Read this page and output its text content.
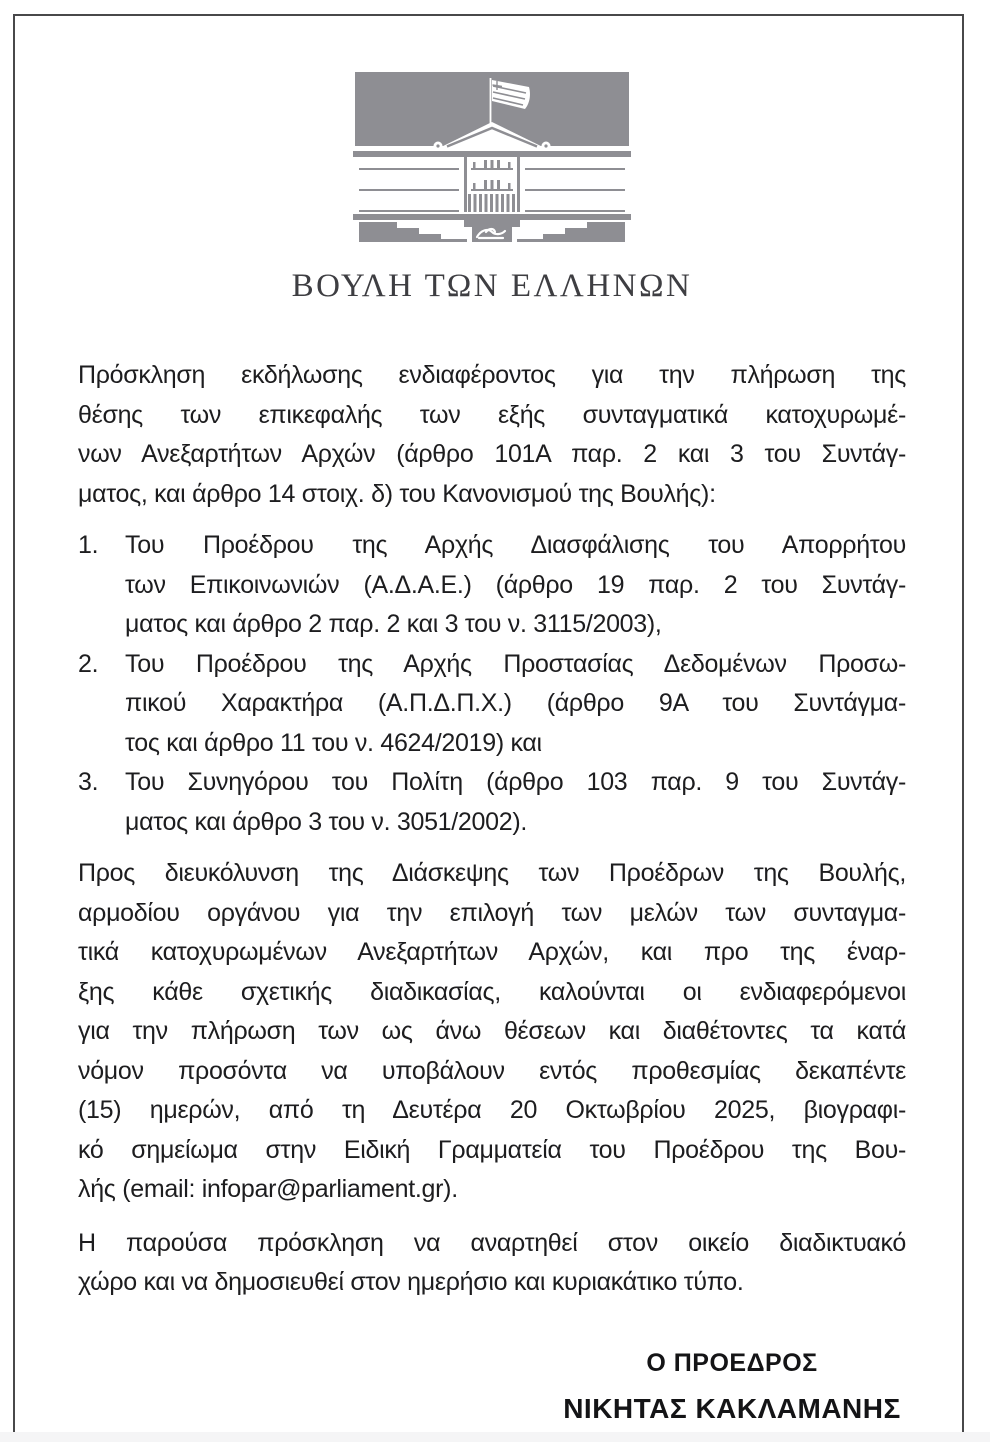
ΒΟΥΛΗ ΤΩΝ ΕΛΛΗΝΩΝ
Πρόσκληση εκδήλωσης ενδιαφέροντος για την πλήρωση της
θέσης των επικεφαλής των εξής συνταγματικά κατοχυρωμέ-
νων Ανεξαρτήτων Αρχών (άρθρο 101Α παρ. 2 και 3 του Συντάγ-
ματος, και άρθρο 14 στοιχ. δ) του Κανονισμού της Βουλής):
1.	Του Προέδρου της Αρχής Διασφάλισης του Απορρήτου
των Επικοινωνιών (Α.Δ.Α.Ε.) (άρθρο 19 παρ. 2 του Συντάγ-
ματος και άρθρο 2 παρ. 2 και 3 του ν. 3115/2003),
2.	Του Προέδρου της Αρχής Προστασίας Δεδομένων Προσω-
πικού Χαρακτήρα (Α.Π.Δ.Π.Χ.) (άρθρο 9Α του Συντάγμα-
τος και άρθρο 11 του ν. 4624/2019) και
3.	Του Συνηγόρου του Πολίτη (άρθρο 103 παρ. 9 του Συντάγ-
ματος και άρθρο 3 του ν. 3051/2002).
Προς διευκόλυνση της Διάσκεψης των Προέδρων της Βουλής,
αρμοδίου οργάνου για την επιλογή των μελών των συνταγμα-
τικά κατοχυρωμένων Ανεξαρτήτων Αρχών, και προ της έναρ-
ξης κάθε σχετικής διαδικασίας, καλούνται οι ενδιαφερόμενοι
για την πλήρωση των ως άνω θέσεων και διαθέτοντες τα κατά
νόμον προσόντα να υποβάλουν εντός προθεσμίας δεκαπέντε
(15) ημερών, από τη Δευτέρα 20 Οκτωβρίου 2025, βιογραφι-
κό σημείωμα στην Ειδική Γραμματεία του Προέδρου της Βου-
λής (email: infopar@parliament.gr).
Η παρούσα πρόσκληση να αναρτηθεί στον οικείο διαδικτυακό
χώρο και να δημοσιευθεί στον ημερήσιο και κυριακάτικο τύπο.
Ο ΠΡΟΕΔΡΟΣ
ΝΙΚΗΤΑΣ ΚΑΚΛΑΜΑΝΗΣ
